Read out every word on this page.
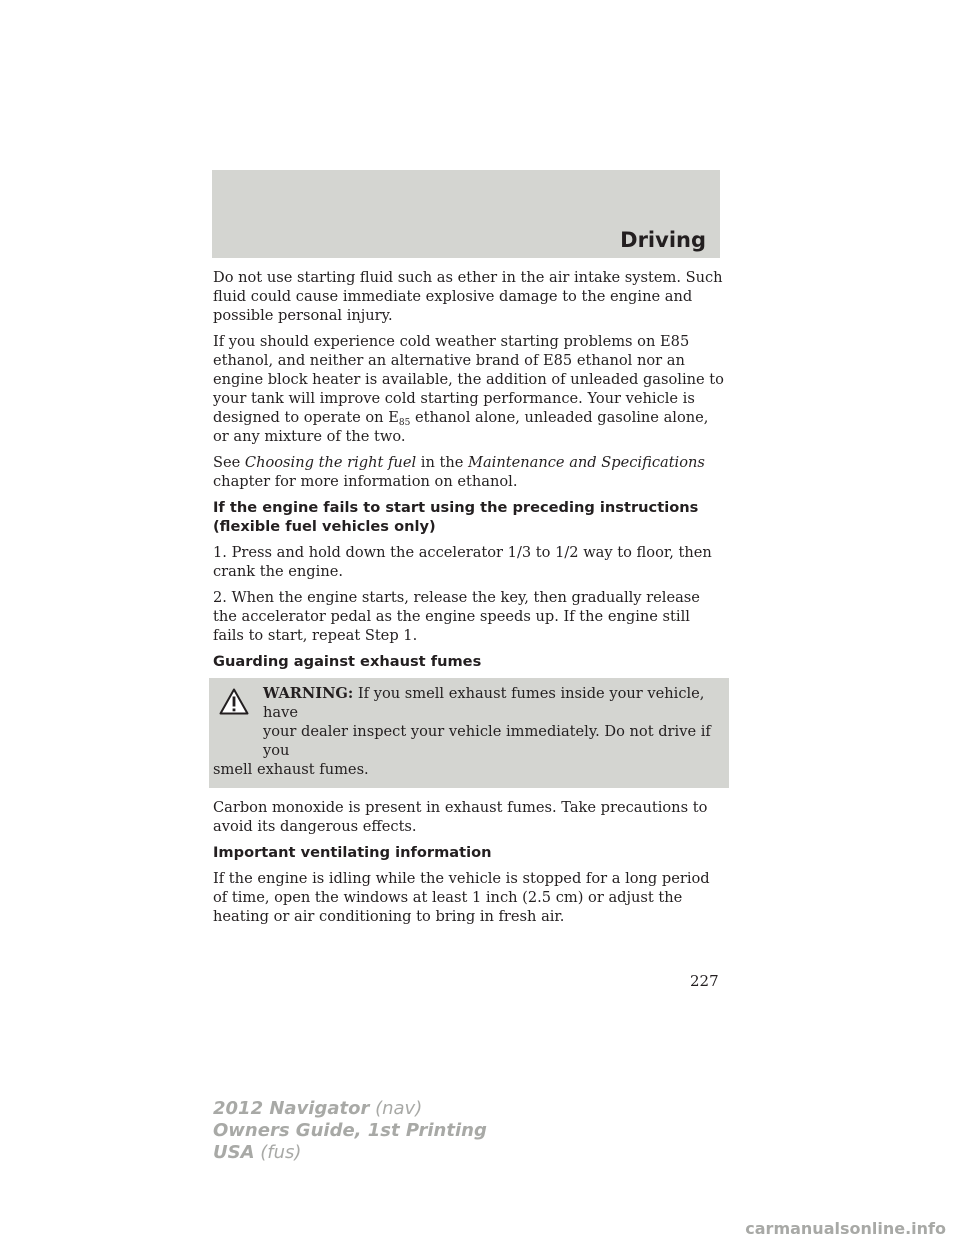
Driving

Do not use starting fluid such as ether in the air intake system. Such fluid could cause immediate explosive damage to the engine and possible personal injury.

If you should experience cold weather starting problems on E85 ethanol, and neither an alternative brand of E85 ethanol nor an engine block heater is available, the addition of unleaded gasoline to your tank will improve cold starting performance. Your vehicle is designed to operate on $E_{85}$ ethanol alone, unleaded gasoline alone, or any mixture of the two.

See Choosing the right fuel in the Maintenance and Specifications chapter for more information on ethanol.

If the engine fails to start using the preceding instructions (flexible fuel vehicles only)

1. Press and hold down the accelerator 1/3 to 1/2 way to floor, then crank the engine.

2. When the engine starts, release the key, then gradually release the accelerator pedal as the engine speeds up. If the engine still fails to start, repeat Step 1.

Guarding against exhaust fumes
WARNING: If you smell exhaust fumes inside your vehicle, have
your dealer inspect your vehicle immediately. Do not drive if you
smell exhaust fumes.

Carbon monoxide is present in exhaust fumes. Take precautions to avoid its dangerous effects.

Important ventilating information

If the engine is idling while the vehicle is stopped for a long period of time, open the windows at least 1 inch (2.5 cm) or adjust the heating or air conditioning to bring in fresh air.

227

2012 Navigator (nav)
Owners Guide, 1st Printing
USA (fus)

carmanualsonline.info
